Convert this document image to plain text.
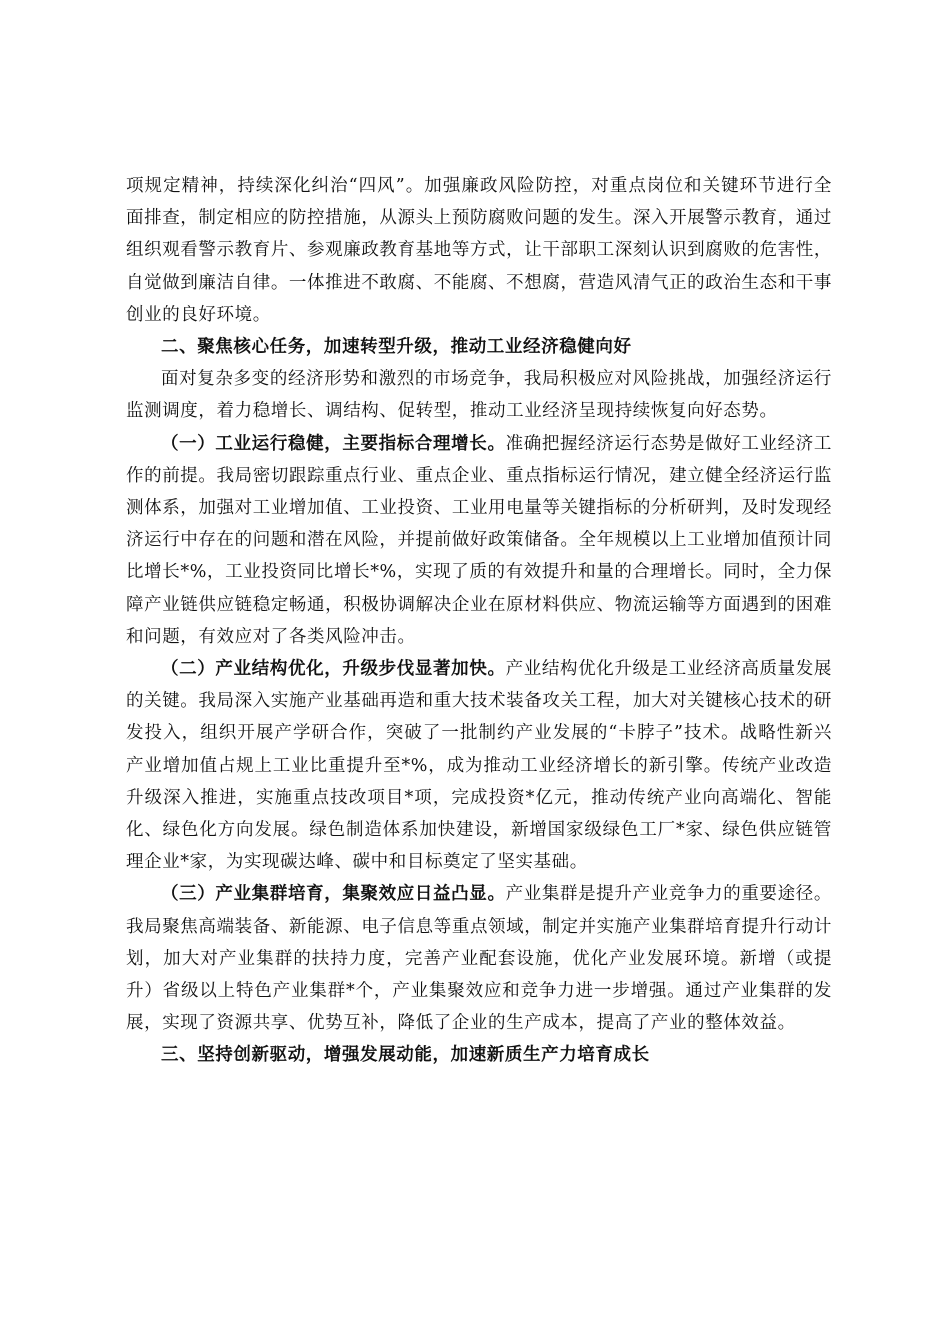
项规定精神，持续深化纠治“四风”。加强廉政风险防控，对重点岗位和关键环节进行全面排查，制定相应的防控措施，从源头上预防腐败问题的发生。深入开展警示教育，通过组织观看警示教育片、参观廉政教育基地等方式，让干部职工深刻认识到腐败的危害性，自觉做到廉洁自律。一体推进不敢腐、不能腐、不想腐，营造风清气正的政治生态和干事创业的良好环境。

二、聚焦核心任务，加速转型升级，推动工业经济稳健向好

面对复杂多变的经济形势和激烈的市场竞争，我局积极应对风险挑战，加强经济运行监测调度，着力稳增长、调结构、促转型，推动工业经济呈现持续恢复向好态势。

（一）工业运行稳健，主要指标合理增长。准确把握经济运行态势是做好工业经济工作的前提。我局密切跟踪重点行业、重点企业、重点指标运行情况，建立健全经济运行监测体系，加强对工业增加值、工业投资、工业用电量等关键指标的分析研判，及时发现经济运行中存在的问题和潜在风险，并提前做好政策储备。全年规模以上工业增加值预计同比增长*%，工业投资同比增长*%，实现了质的有效提升和量的合理增长。同时，全力保障产业链供应链稳定畅通，积极协调解决企业在原材料供应、物流运输等方面遇到的困难和问题，有效应对了各类风险冲击。

（二）产业结构优化，升级步伐显著加快。产业结构优化升级是工业经济高质量发展的关键。我局深入实施产业基础再造和重大技术装备攻关工程，加大对关键核心技术的研发投入，组织开展产学研合作，突破了一批制约产业发展的“卡脖子”技术。战略性新兴产业增加值占规上工业比重提升至*%，成为推动工业经济增长的新引擎。传统产业改造升级深入推进，实施重点技改项目*项，完成投资*亿元，推动传统产业向高端化、智能化、绿色化方向发展。绿色制造体系加快建设，新增国家级绿色工厂*家、绿色供应链管理企业*家，为实现碳达峰、碳中和目标奠定了坚实基础。

（三）产业集群培育，集聚效应日益凸显。产业集群是提升产业竞争力的重要途径。我局聚焦高端装备、新能源、电子信息等重点领域，制定并实施产业集群培育提升行动计划，加大对产业集群的扶持力度，完善产业配套设施，优化产业发展环境。新增（或提升）省级以上特色产业集群*个，产业集聚效应和竞争力进一步增强。通过产业集群的发展，实现了资源共享、优势互补，降低了企业的生产成本，提高了产业的整体效益。

三、坚持创新驱动，增强发展动能，加速新质生产力培育成长
